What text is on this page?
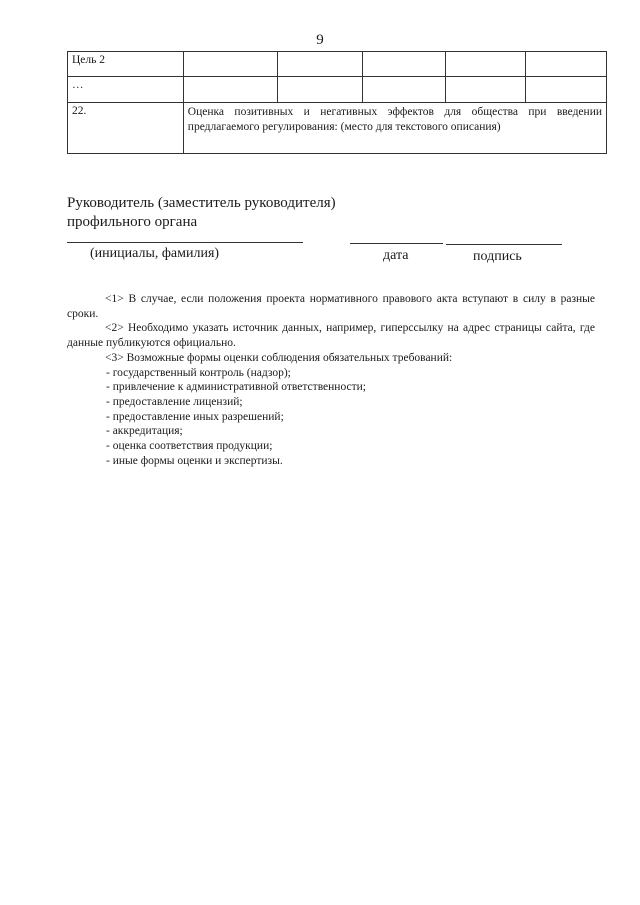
9
Цель 2					
…					
22.	Оценка позитивных и негативных эффектов для общества при введении предлагаемого регулирования: (место для текстового описания)				
Руководитель (заместитель руководителя)
профильного органа
(инициалы, фамилия)	дата	подпись

<1> В случае, если положения проекта нормативного правового акта вступают в силу в разные сроки.

<2> Необходимо указать источник данных, например, гиперссылку на адрес страницы сайта, где данные публикуются официально.

<3> Возможные формы оценки соблюдения обязательных требований:

- государственный контроль (надзор);
- привлечение к административной ответственности;
- предоставление лицензий;
- предоставление иных разрешений;
- аккредитация;
- оценка соответствия продукции;
- иные формы оценки и экспертизы.
